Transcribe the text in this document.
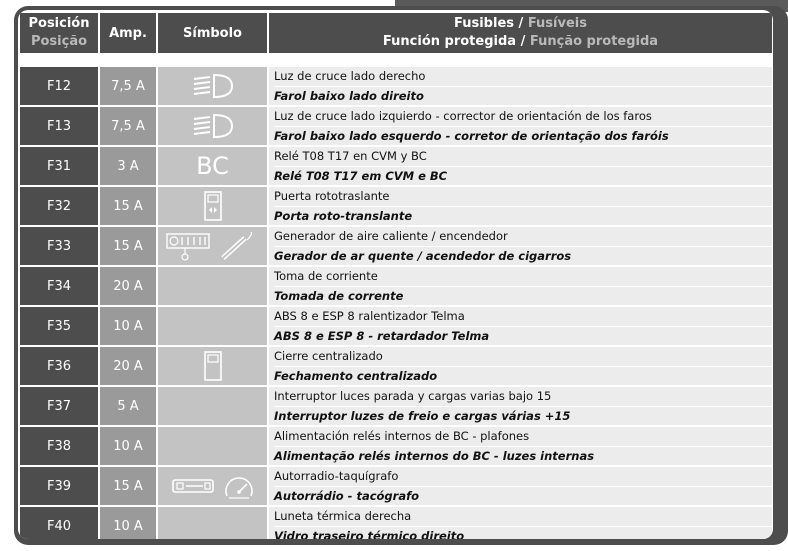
Posición
Posição	Amp.	Símbolo	Fusibles / Fusíveis
Función protegida / Função protegida

F12	7,5 A		Luz de cruce lado derecho
Farol baixo lado direito

F13	7,5 A		Luz de cruce lado izquierdo - corrector de orientación de los faros
Farol baixo lado esquerdo - corretor de orientação dos faróis

F31	3 A	BC	Relé T08 T17 en CVM y BC
Relé T08 T17 em CVM e BC

F32	15 A		Puerta rototraslante
Porta roto-translante

F33	15 A		Generador de aire caliente / encendedor
Gerador de ar quente / acendedor de cigarros

F34	20 A		Toma de corriente
Tomada de corrente

F35	10 A		ABS 8 e ESP 8 ralentizador Telma
ABS 8 e ESP 8 - retardador Telma

F36	20 A		Cierre centralizado
Fechamento centralizado

F37	5 A		Interruptor luces parada y cargas varias bajo 15
Interruptor luzes de freio e cargas várias +15

F38	10 A		Alimentación relés internos de BC - plafones
Alimentação relés internos do BC - luzes internas

F39	15 A		Autorradio-taquígrafo
Autorrádio - tacógrafo

F40	10 A		Luneta térmica derecha
Vidro traseiro térmico direito
